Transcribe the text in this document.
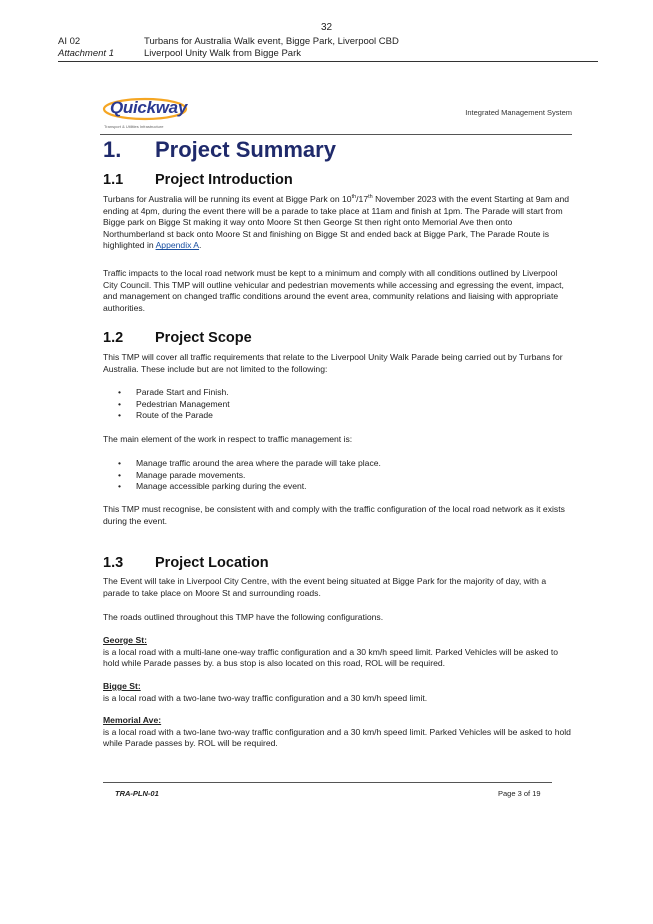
32
AI 02	Turbans for Australia Walk event, Bigge Park, Liverpool CBD
Attachment 1	Liverpool Unity Walk from Bigge Park
Quickway
Transport & Utilities Infrastructure
Integrated Management System
1.	Project Summary
1.1	Project Introduction

Turbans for Australia will be running its event at Bigge Park on 10th/17th November 2023 with the event Starting at 9am and ending at 4pm, during the event there will be a parade to take place at 11am and finish at 1pm. The Parade will start from Bigge park on Bigge St making it way onto Moore St then George St then right onto Memorial Ave then onto Northumberland st back onto Moore St and finishing on Bigge St and ended back at Bigge Park, The Parade Route is highlighted in Appendix A.

Traffic impacts to the local road network must be kept to a minimum and comply with all conditions outlined by Liverpool City Council. This TMP will outline vehicular and pedestrian movements while accessing and egressing the event, impact, and management on changed traffic conditions around the event area, community relations and liaising with appropriate authorities.

1.2	Project Scope

This TMP will cover all traffic requirements that relate to the Liverpool Unity Walk Parade being carried out by Turbans for Australia. These include but are not limited to the following:

• Parade Start and Finish.
• Pedestrian Management
• Route of the Parade

The main element of the work in respect to traffic management is:

• Manage traffic around the area where the parade will take place.
• Manage parade movements.
• Manage accessible parking during the event.

This TMP must recognise, be consistent with and comply with the traffic configuration of the local road network as it exists during the event.

1.3	Project Location

The Event will take in Liverpool City Centre, with the event being situated at Bigge Park for the majority of day, with a parade to take place on Moore St and surrounding roads.

The roads outlined throughout this TMP have the following configurations.

George St:
is a local road with a multi-lane one-way traffic configuration and a 30 km/h speed limit. Parked Vehicles will be asked to hold while Parade passes by. a bus stop is also located on this road, ROL will be required.
Bigge St:
is a local road with a two-lane two-way traffic configuration and a 30 km/h speed limit.
Memorial Ave:
is a local road with a two-lane two-way traffic configuration and a 30 km/h speed limit. Parked Vehicles will be asked to hold while Parade passes by. ROL will be required.
TRA-PLN-01	Page 3 of 19
